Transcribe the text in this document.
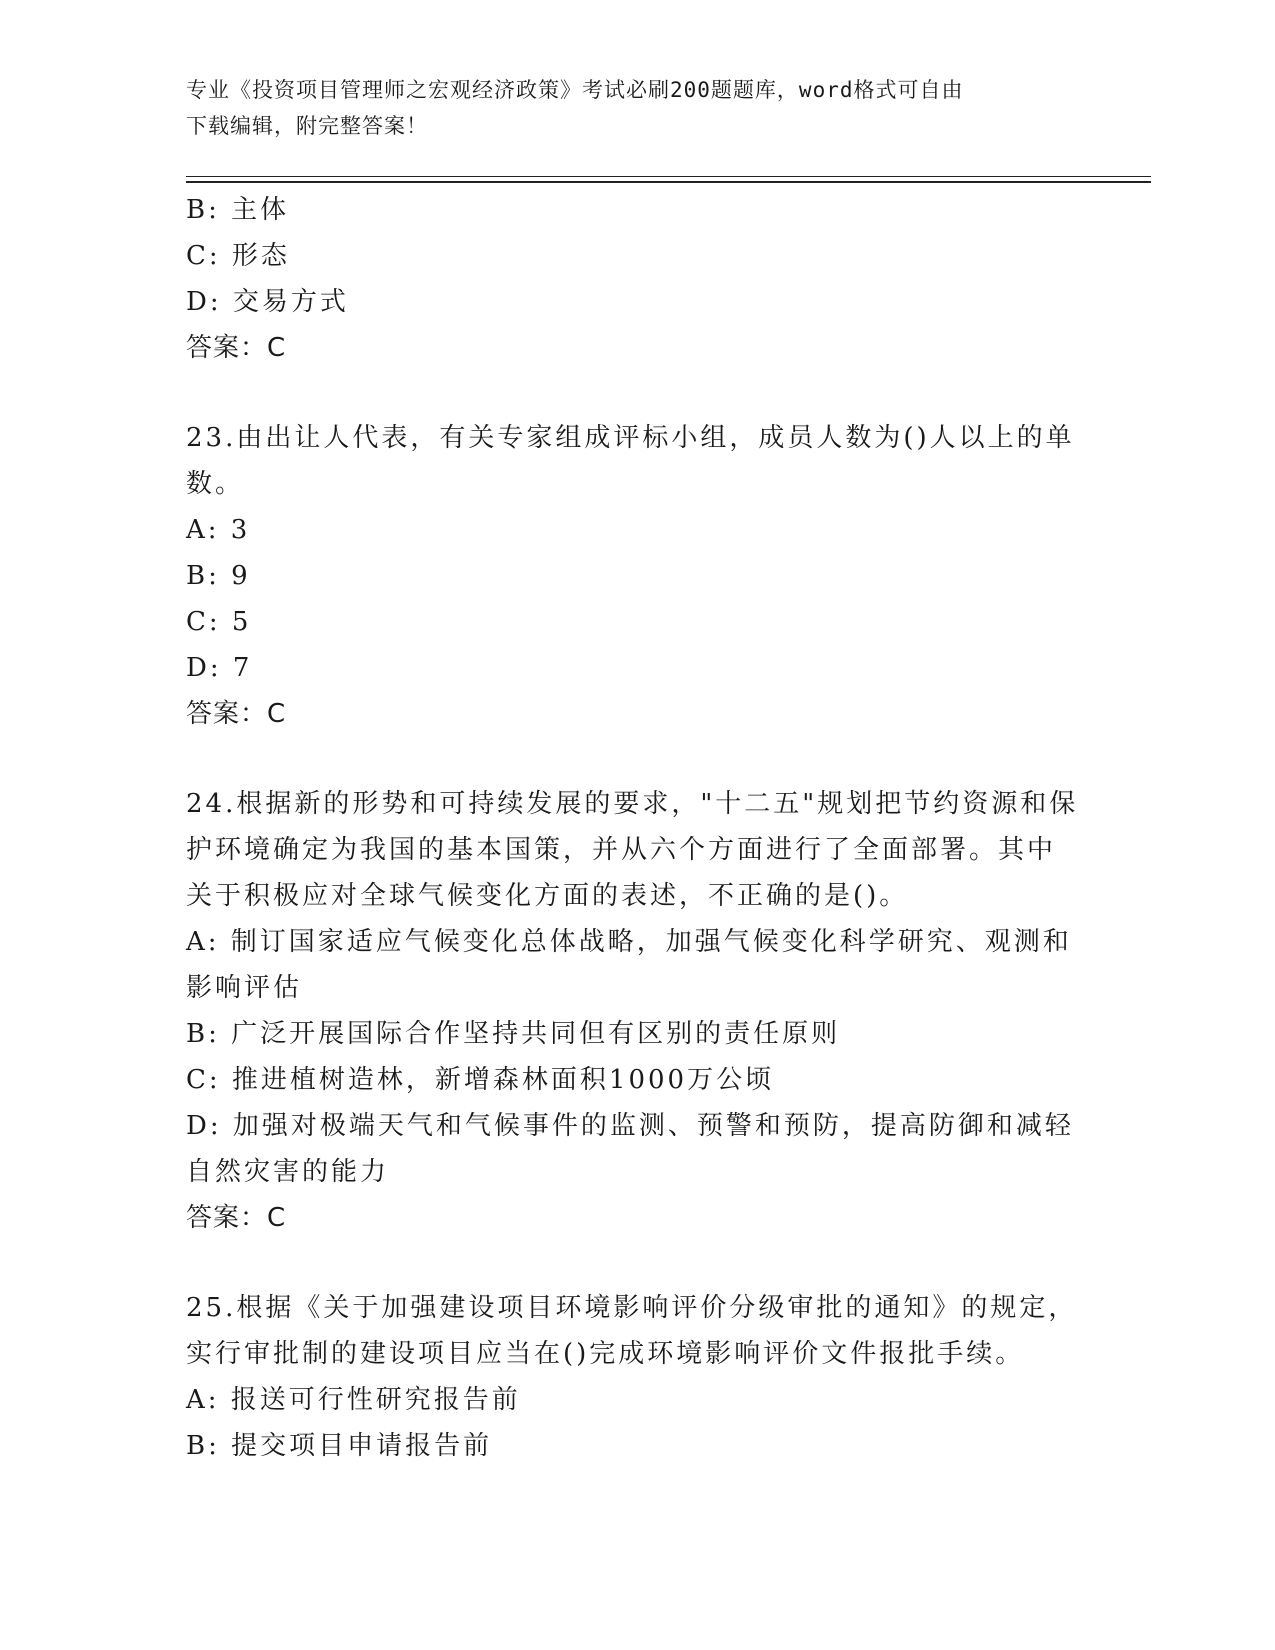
专业《投资项目管理师之宏观经济政策》考试必刷200题题库，word格式可自由
下载编辑，附完整答案！
B: 主体
C: 形态
D: 交易方式
答案：C
23.由出让人代表，有关专家组成评标小组，成员人数为()人以上的单
数。
A: 3
B: 9
C: 5
D: 7
答案：C
24.根据新的形势和可持续发展的要求，"十二五"规划把节约资源和保
护环境确定为我国的基本国策，并从六个方面进行了全面部署。其中
关于积极应对全球气候变化方面的表述，不正确的是()。
A: 制订国家适应气候变化总体战略，加强气候变化科学研究、观测和
影响评估
B: 广泛开展国际合作坚持共同但有区别的责任原则
C: 推进植树造林，新增森林面积1000万公顷
D: 加强对极端天气和气候事件的监测、预警和预防，提高防御和减轻
自然灾害的能力
答案：C
25.根据《关于加强建设项目环境影响评价分级审批的通知》的规定，
实行审批制的建设项目应当在()完成环境影响评价文件报批手续。
A: 报送可行性研究报告前
B: 提交项目申请报告前
